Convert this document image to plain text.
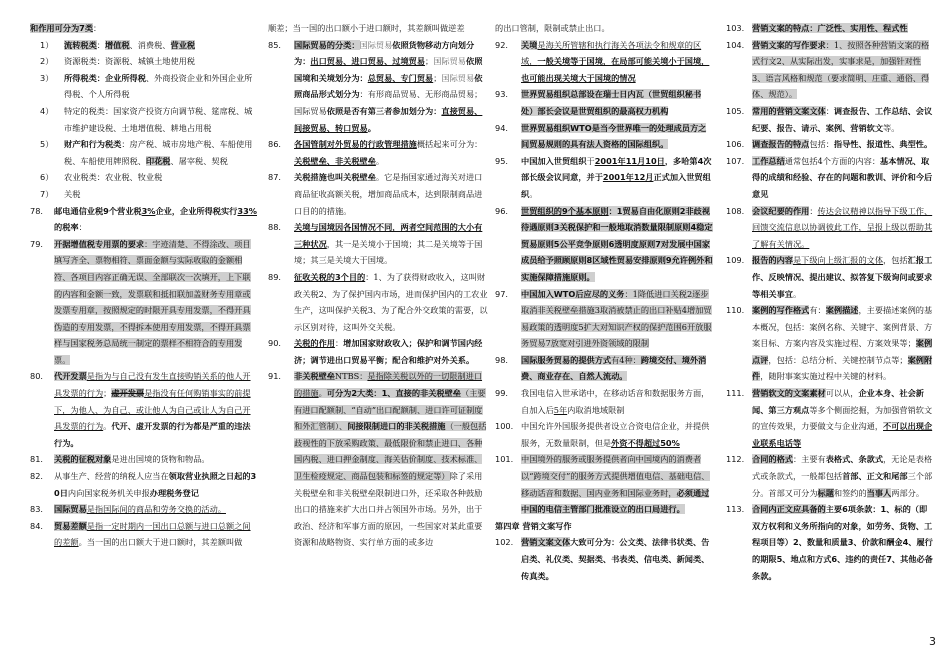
和作用可分为7类：
1）	流转税类：增值税、消费税、营业税
2）	资源税类：资源税、城镇土地使用税
3）	所得税类：企业所得税、外商投资企业和外国企业所得税、个人所得税
4）	特定的税类：国家资产投资方向调节税、筵席税、城市维护建设税、土地增值税、耕地占用税
5）	财产和行为税类：房产税、城市房地产税、车船使用税、车船使用牌照税、印花税、屠宰税、契税
6）	农业税类：农业税、牧业税
7）	关税
78.	邮电通信业税9个营业税3%企业，企业所得税实行33%的税率：
79.	开据增值税专用票的要求：字迹清楚、不得涂改、项目填写齐全、票物相符、票面金额与实际收取的金额相符、各项目内容正确无误、全部联次一次填开，上下联的内容和金额一致，发票联和抵扣联加盖财务专用章或发票专用章，按照规定的时限开具专用发票，不得开具伪造的专用发票，不得拆本使用专用发票，不得开具票样与国家税务总局统一制定的票样不相符合的专用发票。
80.	代开发票是指为与自己没有发生直接购销关系的他人开具发票的行为；虚开发票是指没有任何购销事实的前提下，为他人、为自己、或让他人为自己或让人为自己开具发票的行为。代开、虚开发票的行为都是严重的违法行为。
81.	关税的征税对象是进出国境的货物和物品。
82.	从事生产、经营的纳税人应当在领取营业执照之日起的30日内向国家税务机关申报办理税务登记
83.	国际贸易是指国际间的商品和劳务交换的活动。
84.	贸易差额是指一定时期内一国出口总额与进口总额之间的差额。当一国的出口额大于进口额时，其差额叫做
顺差；当一国的出口额小于进口额时，其差额叫做逆差
85.	国际贸易的分类：国际贸易依照货物移动方向划分为：出口贸易、进口贸易、过境贸易；国际贸易依照国境和关境划分为：总贸易、专门贸易；国际贸易依照商品形式划分为：有形商品贸易、无形商品贸易；国际贸易依照是否有第三者参加划分为：直接贸易、间接贸易、转口贸易。
86.	各国管制对外贸易的行政管理措施概括起来可分为：关税壁垒、非关税壁垒。
87.	关税措施也叫关税壁垒。它是指国家通过海关对进口商品征收高额关税，增加商品成本，达到限制商品进口目的的措施。
88.	关境与国境因各国情况不同，两者空间范围的大小有三种状况，其一是关境小于国境；其二是关境等于国境；其三是关境大于国境。
89.	征收关税的3个目的：1、为了获得财政收入，这叫财政关税2、为了保护国内市场，进而保护国内的工农业生产，这叫保护关税3、为了配合外交政策的需要，以示区别对待，这叫外交关税。
90.	关税的作用：增加国家财政收入；保护和调节国内经济；调节进出口贸易平衡；配合和维护对外关系。
91.	非关税壁垒NTBS：是指除关税以外的一切限制进口的措施。可分为2大类：1、直接的非关税壁垒（主要有进口配额制、“自动”出口配额制、进口许可证制度和外汇管制）、间接限制进口的非关税措施（一般包括歧视性的下放采购政策、最低限价和禁止进口、各种国内税、进口押金制度、海关估价制度、技术标准、卫生检疫规定、商品包装和标签的规定等）除了采用关税壁垒和非关税壁垒限制进口外，还采取各种鼓励出口的措施来扩大出口并占领国外市场。另外，出于政治、经济和军事方面的原因，一些国家对某此重要资源和战略物资、实行单方面的或多边
的出口管制，限制或禁止出口。
92.	关境是海关所管辖和执行海关各项法令和规章的区域，一般关境等于国境，在局部可能关境小于国境，也可能出现关境大于国境的情况
93.	世界贸易组织总部设在瑞士日内瓦（世贸组织秘书处）部长会议是世贸组织的最高权力机构
94.	世界贸易组织WTO是当今世界唯一的处理成员方之间贸易规则的具有法人资格的国际组织。
95.	中国加入世贸组织于2001年11月10日，多哈第4次部长级会议同意，并于2001年12月正式加入世贸组织。
96.	世贸组织的9个基本原则：1贸易自由化原则2非歧视待遇原则3关税保护和一般地取消数量限制原则4稳定贸易原则5公平竞争原则6透明度原则7对发展中国家成员给予照顾原则8区域性贸易安排原则9允许例外和实施保障措施原则。
97.	中国加入WTO后应尽的义务：1降低进口关税2逐步取消非关税壁垒措施3取消被禁止的出口补贴4增加贸易政策的透明度5扩大对知识产权的保护范围6开放服务贸易7放宽对引进外资领域的限制
98.	国际服务贸易的提供方式有4种：跨境交付、境外消费、商业存在、自然人流动。
99.	我国电信入世承诺中，在移动话音和数据服务方面，自加入后5年内取消地域限制
100. 中国允许外国服务提供者设立合资电信企业，并提供服务，无数量限制，但是外资不得超过50%
101. 中国境外的服务或服务提供者向中国境内的消费者以“跨境交付”的服务方式提供增值电信、基础电信、移动话音和数据、国内业务和国际业务时，必须通过中国的电信主管部门批准设立的出口局进行。
第四章 营销文案写作
102. 营销文案文体大致可分为：公文类、法律书状类、告启类、礼仪类、契据类、书表类、信电类、新闻类、传真类。
103. 营销文案的特点：广泛性、实用性、程式性
104. 营销文案的写作要求：1、按照各种营销文案的格式行文2、从实际出发，实事求是，加强针对性3、语言风格和规范（要求简明、庄重、通俗、得体、规范）。
105. 常用的营销文案文体：调查报告、工作总结、会议纪要、报告、请示、案例、营销软文等。
106. 调查报告的特点包括：指导性、报道性、典型性。
107. 工作总结通常包括4个方面的内容：基本情况、取得的成绩和经验、存在的问题和教训、评价和今后意见
108. 会议纪要的作用：传达会议精神以指导下级工作、回馈交流信息以协调彼此工作，呈报上级以帮助其了解有关情况。
109. 报告的内容是下级向上级汇报的文体，包括汇报工作、反映情况、提出建议、拟答复下级询问或要求等相关事宜。
110. 案例的写作格式有：案例描述，主要描述案例的基本概况，包括：案例名称、关键字、案例背景、方案目标、方案内容及实施过程、方案效果等；案例点评，包括：总结分析、关键控制节点等；案例附件，随附事案实施过程中关键的材料。
111. 营销软文的文案素材可以从，企业本身、社会新闻、第三方观点等多个侧面挖掘，为加强营销软文的宣传效果，力要做文与企业沟通，不可以出现企业联系电话等
112. 合同的格式：主要有表格式、条款式，无论是表格式或条款式，一般都包括首部、正文和尾部三个部分。首部又可分为标题和签约的当事人两部分。
113. 合同内正文应具备的主要6项条款：1、标的（即双方权利和义务所指向的对象，如劳务、货物、工程项目等）2、数量和质量3、价款和酬金4、履行的期限5、地点和方式6、违约的责任7、其他必备条款。
3
